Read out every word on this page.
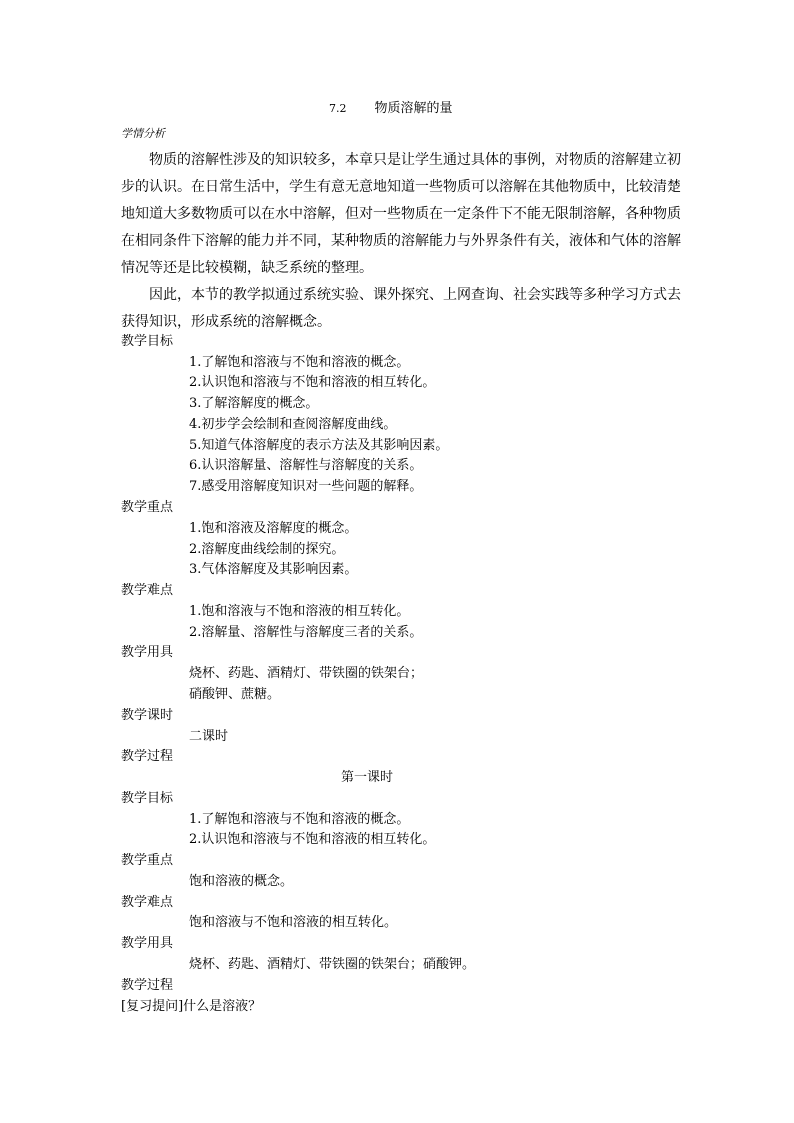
7.2 物质溶解的量
学情分析
物质的溶解性涉及的知识较多，本章只是让学生通过具体的事例，对物质的溶解建立初
步的认识。在日常生活中，学生有意无意地知道一些物质可以溶解在其他物质中，比较清楚
地知道大多数物质可以在水中溶解，但对一些物质在一定条件下不能无限制溶解，各种物质
在相同条件下溶解的能力并不同，某种物质的溶解能力与外界条件有关，液体和气体的溶解
情况等还是比较模糊，缺乏系统的整理。
因此，本节的教学拟通过系统实验、课外探究、上网查询、社会实践等多种学习方式去
获得知识，形成系统的溶解概念。
教学目标
1.了解饱和溶液与不饱和溶液的概念。
2.认识饱和溶液与不饱和溶液的相互转化。
3.了解溶解度的概念。
4.初步学会绘制和查阅溶解度曲线。
5.知道气体溶解度的表示方法及其影响因素。
6.认识溶解量、溶解性与溶解度的关系。
7.感受用溶解度知识对一些问题的解释。
教学重点
1.饱和溶液及溶解度的概念。
2.溶解度曲线绘制的探究。
3.气体溶解度及其影响因素。
教学难点
1.饱和溶液与不饱和溶液的相互转化。
2.溶解量、溶解性与溶解度三者的关系。
教学用具
烧杯、药匙、酒精灯、带铁圈的铁架台；
硝酸钾、蔗糖。
教学课时
二课时
教学过程
第一课时
教学目标
1.了解饱和溶液与不饱和溶液的概念。
2.认识饱和溶液与不饱和溶液的相互转化。
教学重点
饱和溶液的概念。
教学难点
饱和溶液与不饱和溶液的相互转化。
教学用具
烧杯、药匙、酒精灯、带铁圈的铁架台；硝酸钾。
教学过程
[复习提问]什么是溶液？
